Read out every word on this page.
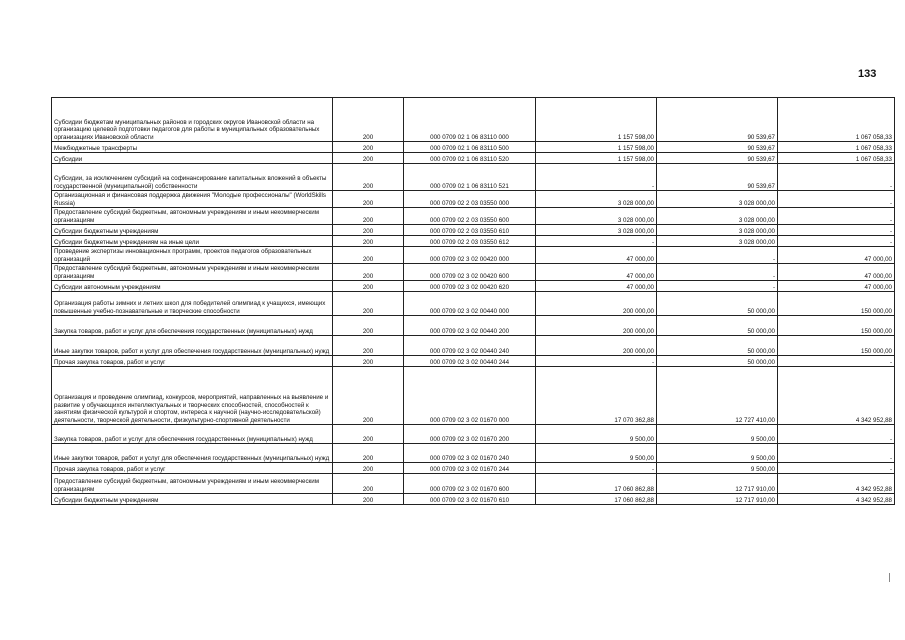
133
Субсидии бюджетам муниципальных районов и городских округов Ивановской области на организацию целевой подготовки педагогов для работы в муниципальных образовательных организациях Ивановской области	200	000 0709 02 1 06 83110 000	1 157 598,00	90 539,67	1 067 058,33
Межбюджетные трансферты	200	000 0709 02 1 06 83110 500	1 157 598,00	90 539,67	1 067 058,33
Субсидии	200	000 0709 02 1 06 83110 520	1 157 598,00	90 539,67	1 067 058,33
Субсидии, за исключением субсидий на софинансирование капитальных вложений в объекты государственной (муниципальной) собственности	200	000 0709 02 1 06 83110 521	-	90 539,67	-
Организационная и финансовая поддержка движения "Молодые профессионалы" (WorldSkills Russia)	200	000 0709 02 2 03 03550 000	3 028 000,00	3 028 000,00	-
Предоставление субсидий бюджетным, автономным учреждениям и иным некоммерческим организациям	200	000 0709 02 2 03 03550 600	3 028 000,00	3 028 000,00	-
Субсидии бюджетным учреждениям	200	000 0709 02 2 03 03550 610	3 028 000,00	3 028 000,00	-
Субсидии бюджетным учреждениям на иные цели	200	000 0709 02 2 03 03550 612	-	3 028 000,00	-
Проведение экспертизы инновационных программ, проектов педагогов образовательных организаций	200	000 0709 02 3 02 00420 000	47 000,00	-	47 000,00
Предоставление субсидий бюджетным, автономным учреждениям и иным некоммерческим организациям	200	000 0709 02 3 02 00420 600	47 000,00	-	47 000,00
Субсидии автономным учреждениям	200	000 0709 02 3 02 00420 620	47 000,00	-	47 000,00
Организация работы зимних и летних школ для победителей олимпиад к учащихся, имеющих повышенные учебно-познавательные и творческие способности	200	000 0709 02 3 02 00440 000	200 000,00	50 000,00	150 000,00
Закупка товаров, работ и услуг для обеспечения государственных (муниципальных) нужд	200	000 0709 02 3 02 00440 200	200 000,00	50 000,00	150 000,00
Иные закупки товаров, работ и услуг для обеспечения государственных (муниципальных) нужд	200	000 0709 02 3 02 00440 240	200 000,00	50 000,00	150 000,00
Прочая закупка товаров, работ и услуг	200	000 0709 02 3 02 00440 244	-	50 000,00	-
Организация и проведение олимпиад, конкурсов, мероприятий, направленных на выявление и развитие у обучающихся интеллектуальных и творческих способностей, способностей к занятиям физической культурой и спортом, интереса к научной (научно-исследовательской) деятельности, творческой деятельности, физкультурно-спортивной деятельности	200	000 0709 02 3 02 01670 000	17 070 362,88	12 727 410,00	4 342 952,88
Закупка товаров, работ и услуг для обеспечения государственных (муниципальных) нужд	200	000 0709 02 3 02 01670 200	9 500,00	9 500,00	-
Иные закупки товаров, работ и услуг для обеспечения государственных (муниципальных) нужд	200	000 0709 02 3 02 01670 240	9 500,00	9 500,00	-
Прочая закупка товаров, работ и услуг	200	000 0709 02 3 02 01670 244	-	9 500,00	-
Предоставление субсидий бюджетным, автономным учреждениям и иным некоммерческим организациям	200	000 0709 02 3 02 01670 600	17 060 862,88	12 717 910,00	4 342 952,88
Субсидии бюджетным учреждениям	200	000 0709 02 3 02 01670 610	17 060 862,88	12 717 910,00	4 342 952,88
